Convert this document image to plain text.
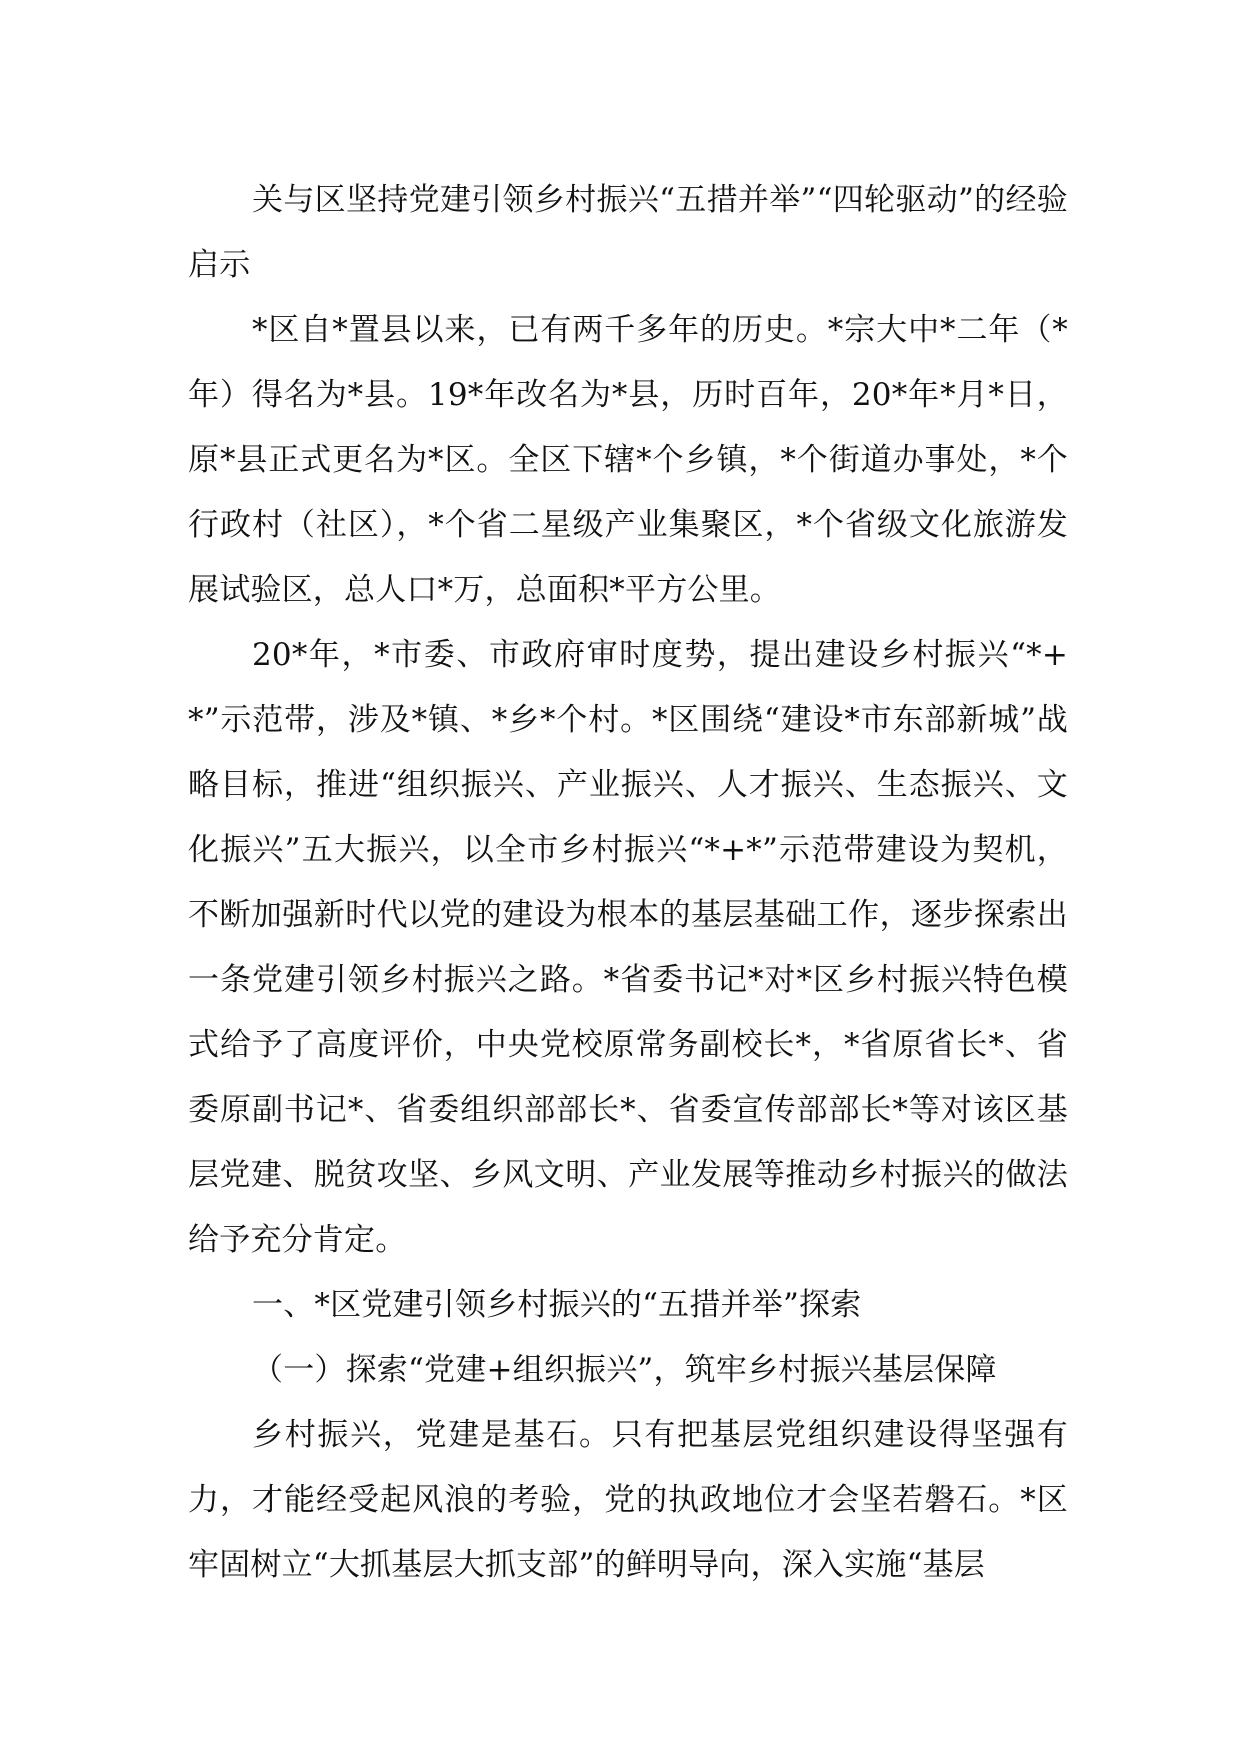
关与区坚持党建引领乡村振兴“五措并举”“四轮驱动”的经验启示

*区自*置县以来，已有两千多年的历史。*宗大中*二年（*年）得名为*县。19*年改名为*县，历时百年，20*年*月*日，原*县正式更名为*区。全区下辖*个乡镇，*个街道办事处，*个行政村（社区），*个省二星级产业集聚区，*个省级文化旅游发展试验区，总人口*万，总面积*平方公里。

20*年，*市委、市政府审时度势，提出建设乡村振兴“*+*”示范带，涉及*镇、*乡*个村。*区围绕“建设*市东部新城”战略目标，推进“组织振兴、产业振兴、人才振兴、生态振兴、文化振兴”五大振兴，以全市乡村振兴“*+*”示范带建设为契机，不断加强新时代以党的建设为根本的基层基础工作，逐步探索出一条党建引领乡村振兴之路。*省委书记*对*区乡村振兴特色模式给予了高度评价，中央党校原常务副校长*，*省原省长*、省委原副书记*、省委组织部部长*、省委宣传部部长*等对该区基层党建、脱贫攻坚、乡风文明、产业发展等推动乡村振兴的做法给予充分肯定。

一、*区党建引领乡村振兴的“五措并举”探索

（一）探索“党建+组织振兴”，筑牢乡村振兴基层保障

乡村振兴，党建是基石。只有把基层党组织建设得坚强有力，才能经受起风浪的考验，党的执政地位才会坚若磐石。*区牢固树立“大抓基层大抓支部”的鲜明导向，深入实施“基层
